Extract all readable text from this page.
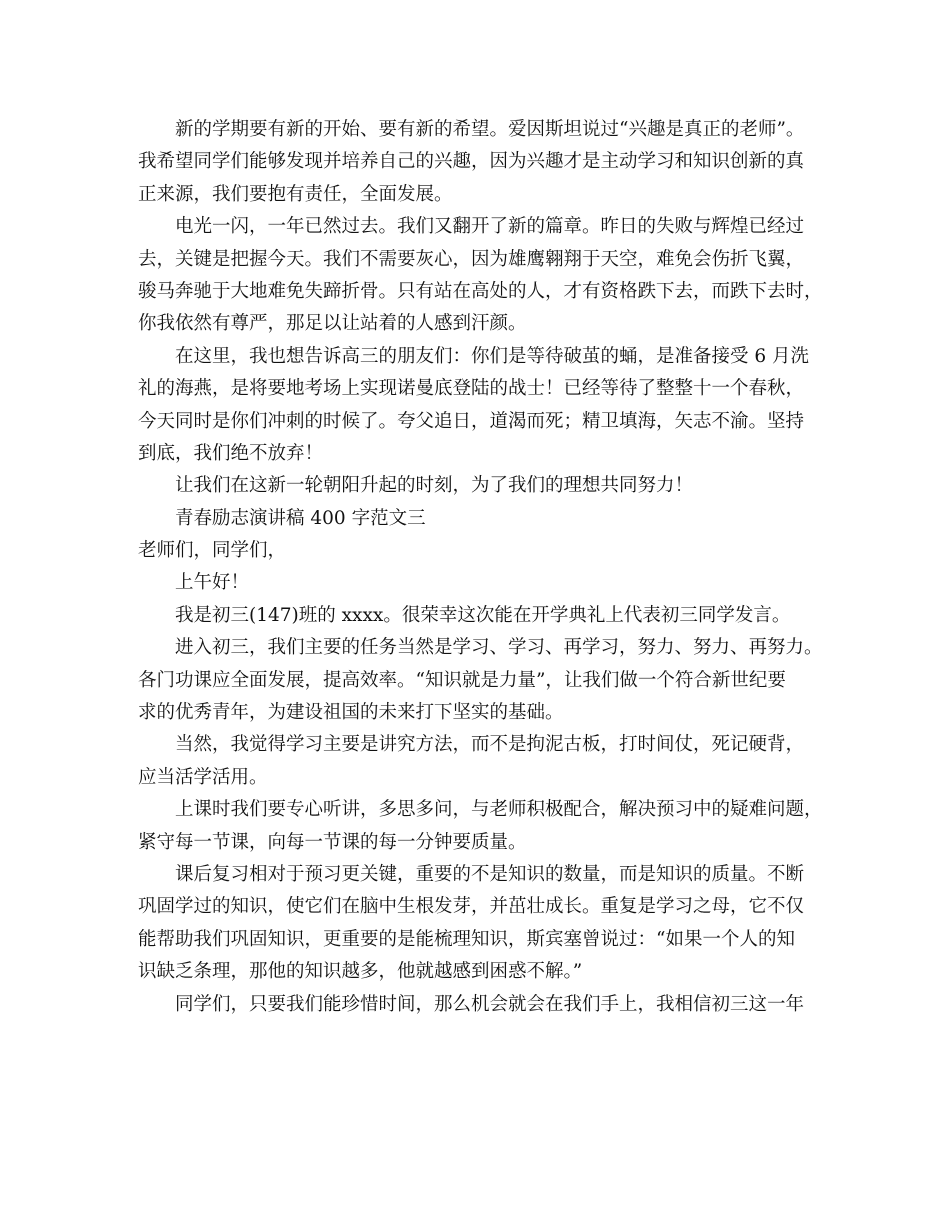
新的学期要有新的开始、要有新的希望。爱因斯坦说过“兴趣是真正的老师”。
我希望同学们能够发现并培养自己的兴趣，因为兴趣才是主动学习和知识创新的真
正来源，我们要抱有责任，全面发展。
电光一闪，一年已然过去。我们又翻开了新的篇章。昨日的失败与辉煌已经过
去，关键是把握今天。我们不需要灰心，因为雄鹰翱翔于天空，难免会伤折飞翼，
骏马奔驰于大地难免失蹄折骨。只有站在高处的人，才有资格跌下去，而跌下去时，
你我依然有尊严，那足以让站着的人感到汗颜。
在这里，我也想告诉高三的朋友们：你们是等待破茧的蛹，是准备接受 6 月洗
礼的海燕，是将要地考场上实现诺曼底登陆的战士！已经等待了整整十一个春秋，
今天同时是你们冲刺的时候了。夸父追日，道渴而死；精卫填海，矢志不渝。坚持
到底，我们绝不放弃！
让我们在这新一轮朝阳升起的时刻，为了我们的理想共同努力！
青春励志演讲稿 400 字范文三
老师们，同学们，
上午好！
我是初三(147)班的 xxxx。很荣幸这次能在开学典礼上代表初三同学发言。
进入初三，我们主要的任务当然是学习、学习、再学习，努力、努力、再努力。
各门功课应全面发展，提高效率。“知识就是力量”，让我们做一个符合新世纪要
求的优秀青年，为建设祖国的未来打下坚实的基础。
当然，我觉得学习主要是讲究方法，而不是拘泥古板，打时间仗，死记硬背，
应当活学活用。
上课时我们要专心听讲，多思多问，与老师积极配合，解决预习中的疑难问题，
紧守每一节课，向每一节课的每一分钟要质量。
课后复习相对于预习更关键，重要的不是知识的数量，而是知识的质量。不断
巩固学过的知识，使它们在脑中生根发芽，并茁壮成长。重复是学习之母，它不仅
能帮助我们巩固知识，更重要的是能梳理知识，斯宾塞曾说过：“如果一个人的知
识缺乏条理，那他的知识越多，他就越感到困惑不解。”
同学们，只要我们能珍惜时间，那么机会就会在我们手上，我相信初三这一年
